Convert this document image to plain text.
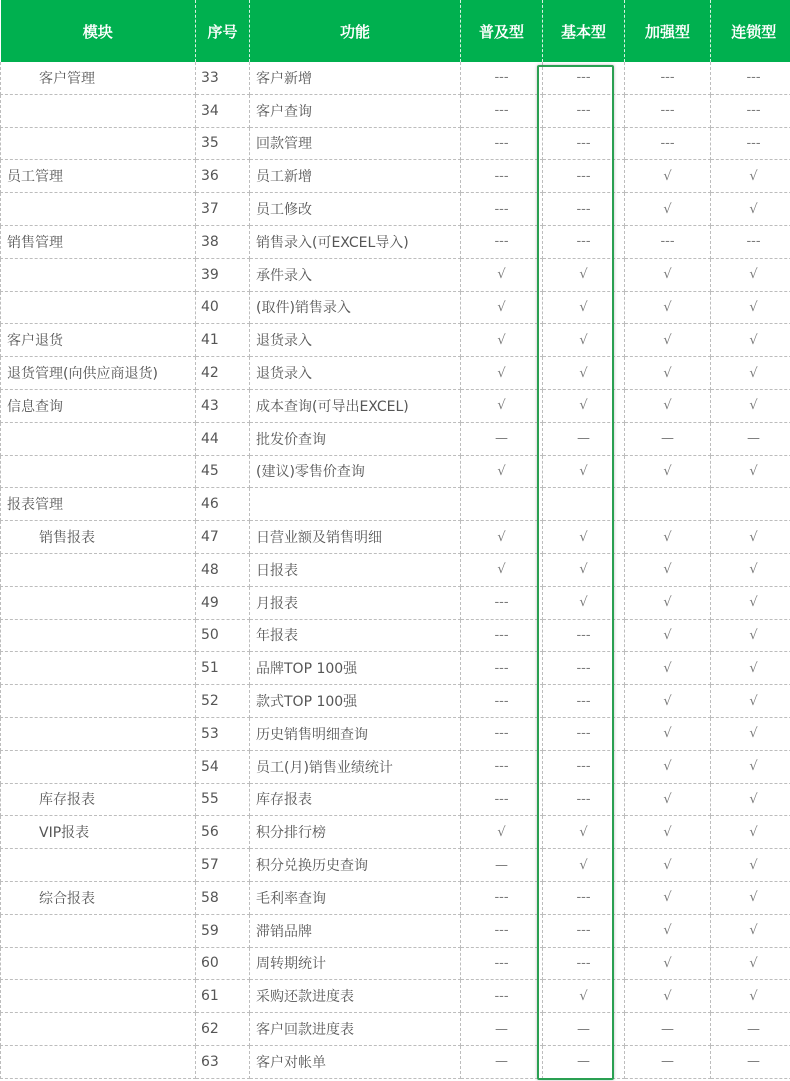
模块	序号	功能	普及型	基本型	加强型	连锁型
客户管理	33	客户新增	---	---	---	---
	34	客户查询	---	---	---	---
	35	回款管理	---	---	---	---
员工管理	36	员工新增	---	---	√	√
	37	员工修改	---	---	√	√
销售管理	38	销售录入(可EXCEL导入)	---	---	---	---
	39	承件录入	√	√	√	√
	40	(取件)销售录入	√	√	√	√
客户退货	41	退货录入	√	√	√	√
退货管理(向供应商退货)	42	退货录入	√	√	√	√
信息查询	43	成本查询(可导出EXCEL)	√	√	√	√
	44	批发价查询	—	—	—	—
	45	(建议)零售价查询	√	√	√	√
报表管理	46					
销售报表	47	日营业额及销售明细	√	√	√	√
	48	日报表	√	√	√	√
	49	月报表	---	√	√	√
	50	年报表	---	---	√	√
	51	品牌TOP 100强	---	---	√	√
	52	款式TOP 100强	---	---	√	√
	53	历史销售明细查询	---	---	√	√
	54	员工(月)销售业绩统计	---	---	√	√
库存报表	55	库存报表	---	---	√	√
VIP报表	56	积分排行榜	√	√	√	√
	57	积分兑换历史查询	—	√	√	√
综合报表	58	毛利率查询	---	---	√	√
	59	滞销品牌	---	---	√	√
	60	周转期统计	---	---	√	√
	61	采购还款进度表	---	√	√	√
	62	客户回款进度表	—	—	—	—
	63	客户对帐单	—	—	—	—
